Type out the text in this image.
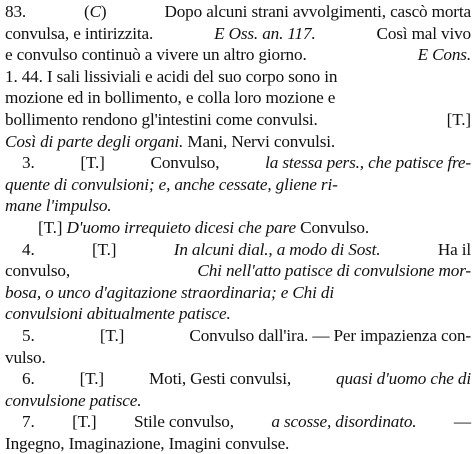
83.	(C)	Dopo alcuni strani avvolgimenti, cascò morta
convulsa, e intirizzita.	E Oss. an. 117.	Così mal vivo
e convulso continuò a vivere un altro giorno.	E Cons.
1. 44. I sali lissiviali e acidi del suo corpo sono in
mozione ed in bollimento, e colla loro mozione e
bollimento rendono gl'intestini come convulsi.	[T.]
Così di parte degli organi. Mani, Nervi convulsi.
3.	[T.]	Convulso,	la stessa pers., che patisce fre-
quente di convulsioni; e, anche cessate, gliene ri-
mane l'impulso.
[T.] D'uomo irrequieto dicesi che pare Convulso.
4.	[T.]	In alcuni dial., a modo di Sost.	Ha il
convulso,	Chi nell'atto patisce di convulsione mor-
bosa, o unco d'agitazione straordinaria; e Chi di
convulsioni abitualmente patisce.
5.	[T.]	Convulso dall'ira. — Per impazienza con-
vulso.
6.	[T.]	Moti, Gesti convulsi,	quasi d'uomo che di
convulsione patisce.
7. [T.] Stile convulso, a scosse, disordinato. —
Ingegno, Imaginazione, Imagini convulse.
